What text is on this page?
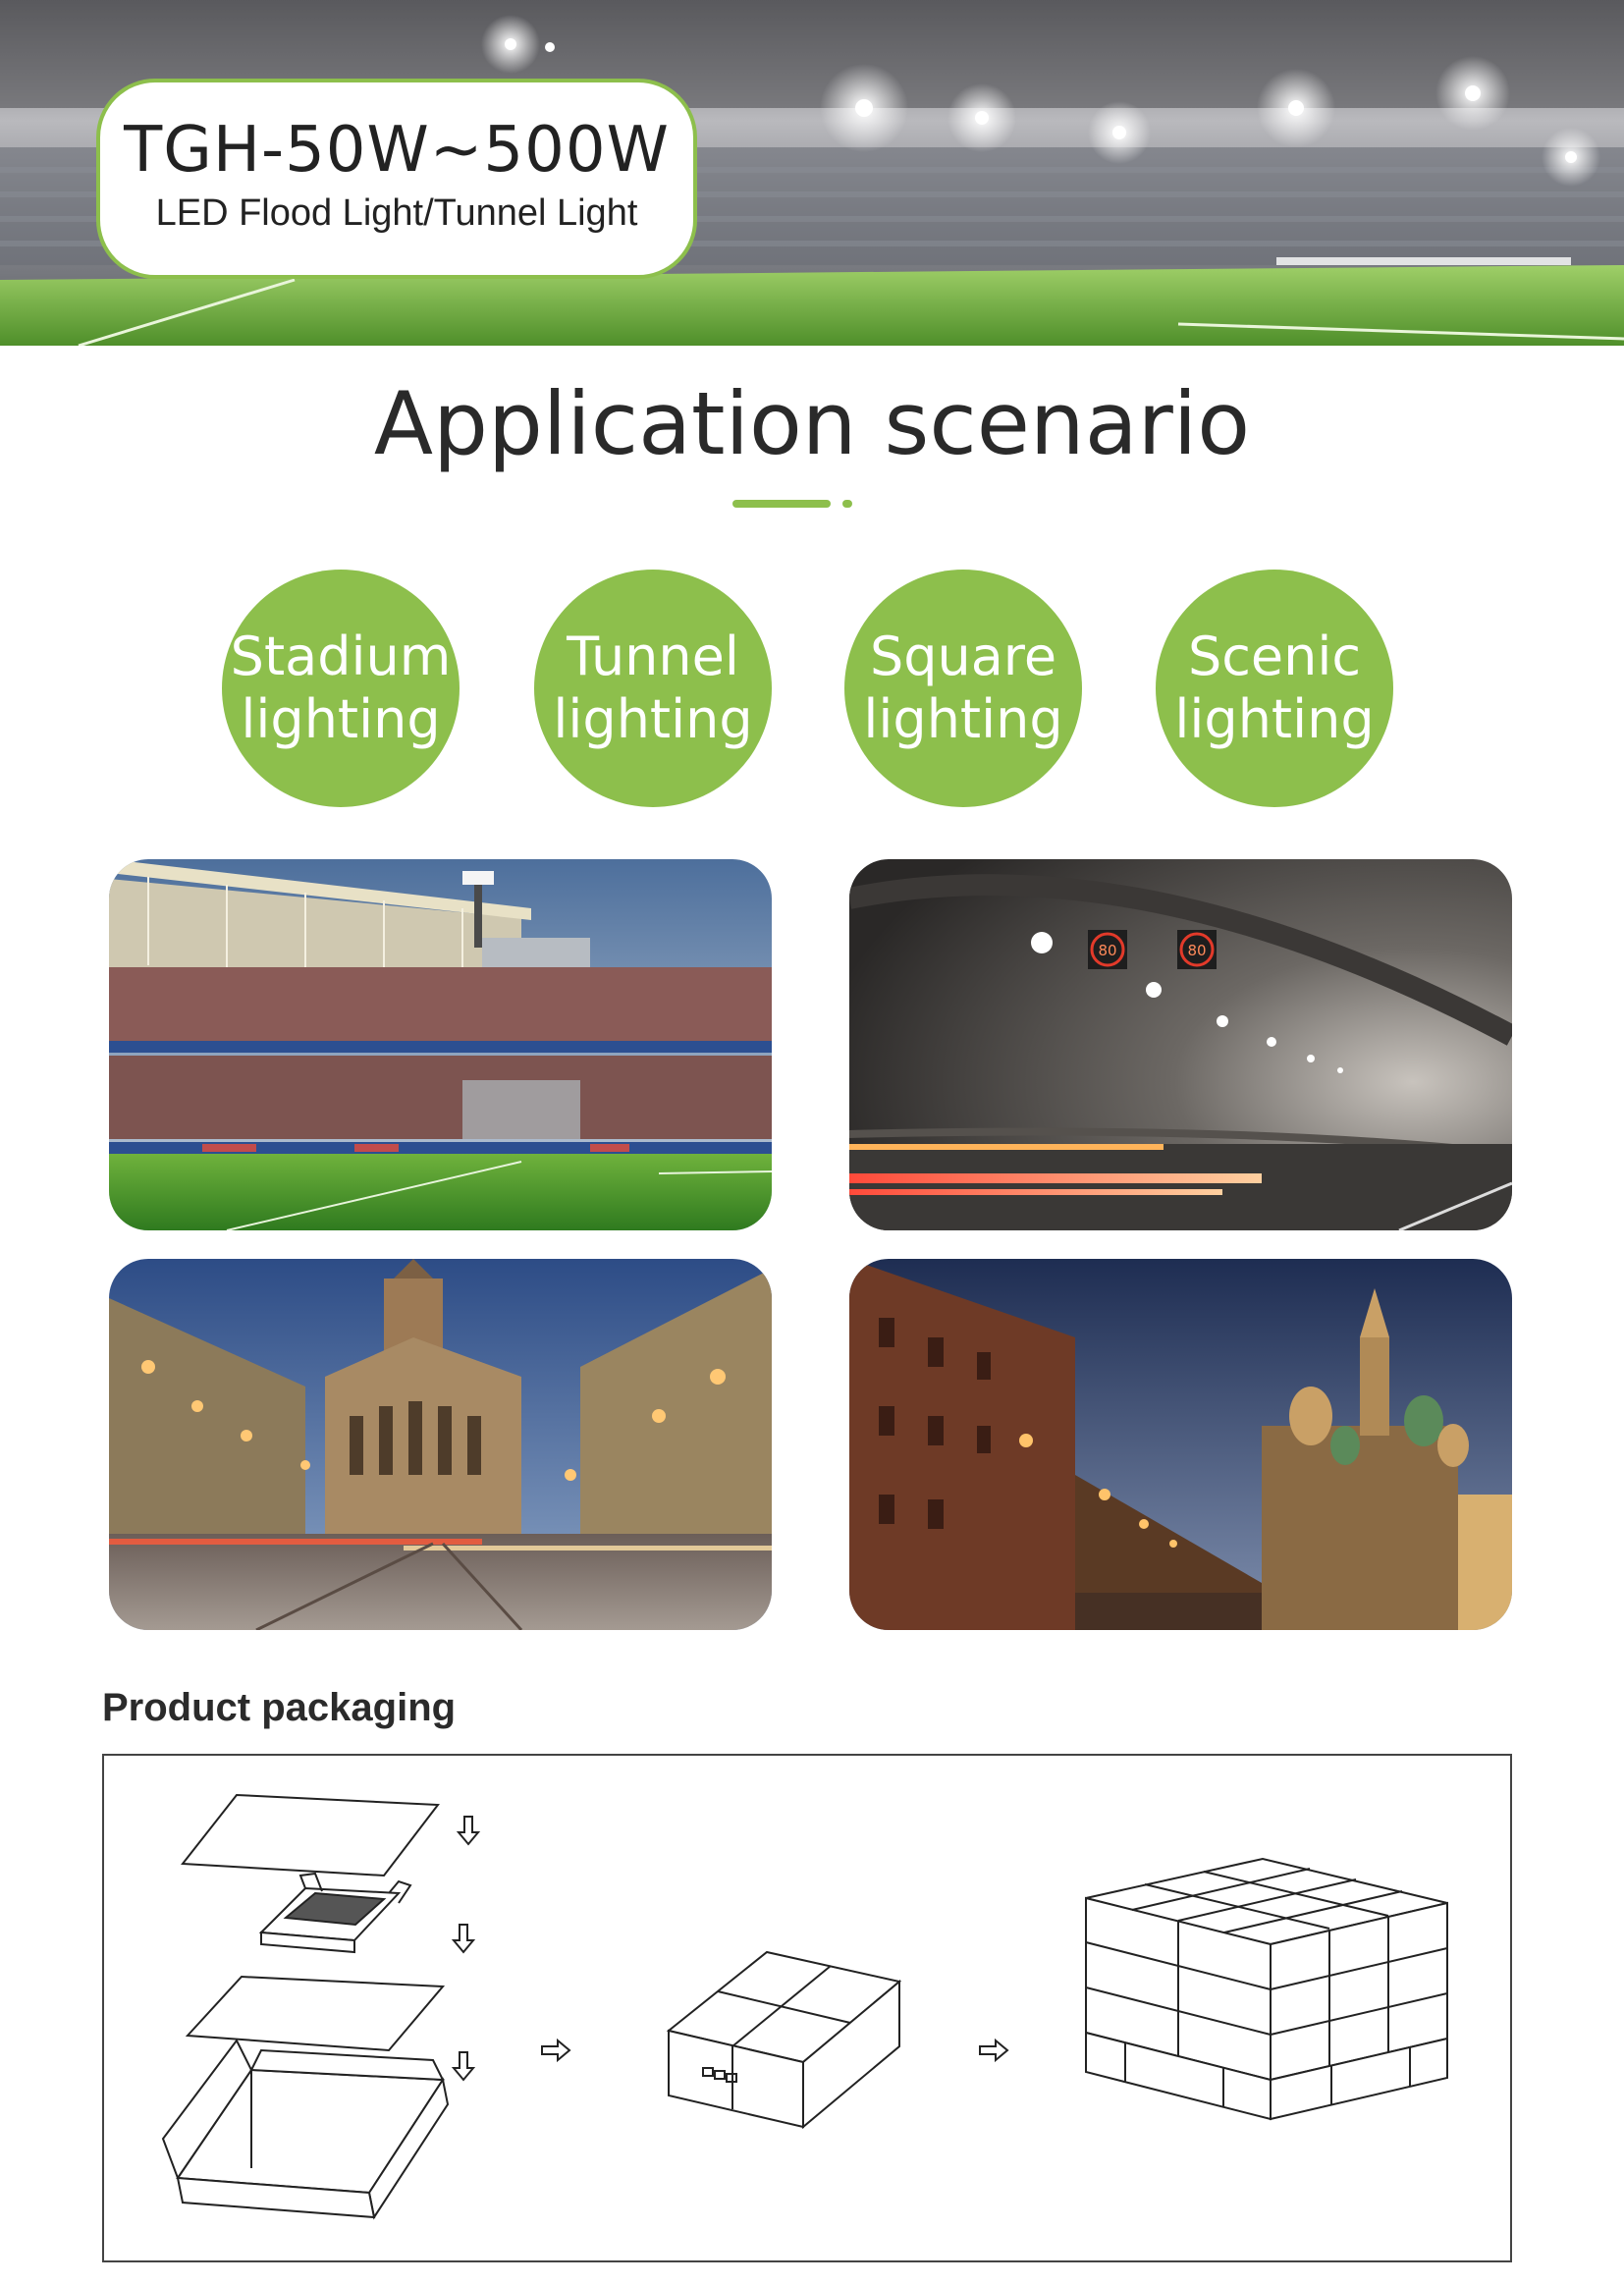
TGH-50W~500W
LED Flood Light/Tunnel Light
Application scenario
Stadium
lighting
Tunnel
lighting
Square
lighting
Scenic
lighting
80	80
Product packaging
